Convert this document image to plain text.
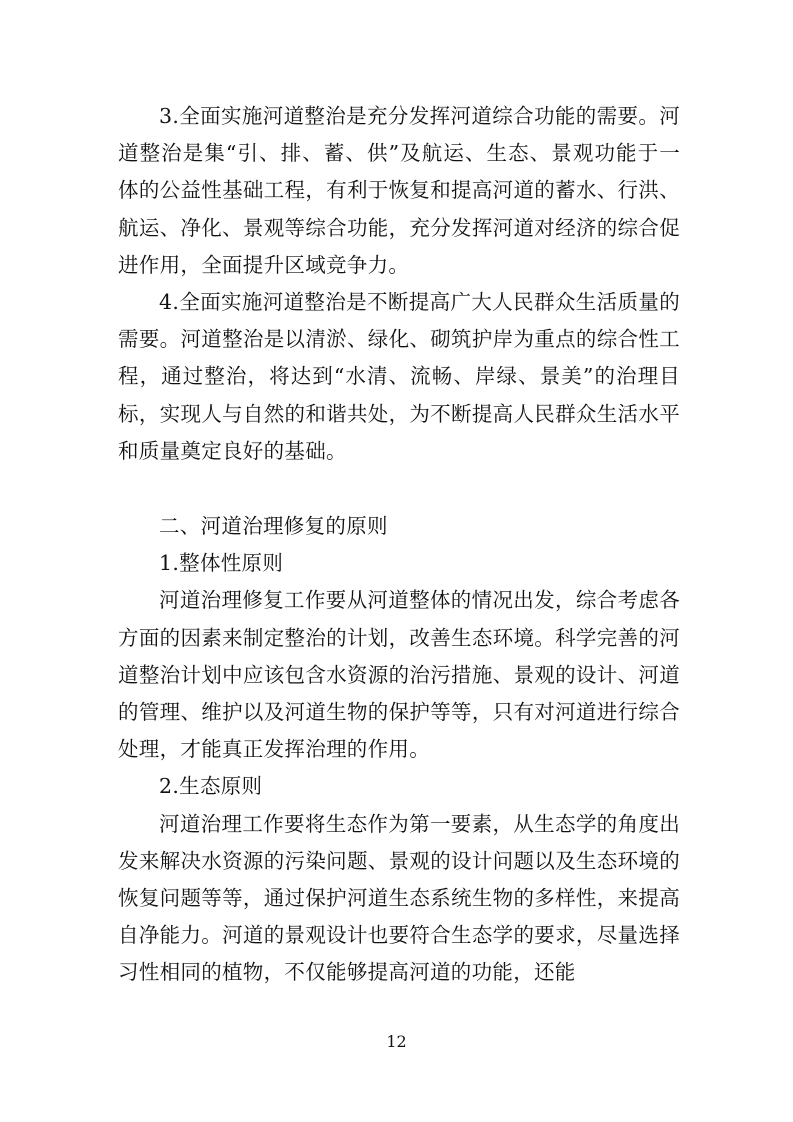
3.全面实施河道整治是充分发挥河道综合功能的需要。河道整治是集“引、排、蓄、供”及航运、生态、景观功能于一体的公益性基础工程，有利于恢复和提高河道的蓄水、行洪、航运、净化、景观等综合功能，充分发挥河道对经济的综合促进作用，全面提升区域竞争力。

4.全面实施河道整治是不断提高广大人民群众生活质量的需要。河道整治是以清淤、绿化、砌筑护岸为重点的综合性工程，通过整治，将达到“水清、流畅、岸绿、景美”的治理目标，实现人与自然的和谐共处，为不断提高人民群众生活水平和质量奠定良好的基础。

二、河道治理修复的原则

1.整体性原则

河道治理修复工作要从河道整体的情况出发，综合考虑各方面的因素来制定整治的计划，改善生态环境。科学完善的河道整治计划中应该包含水资源的治污措施、景观的设计、河道的管理、维护以及河道生物的保护等等，只有对河道进行综合处理，才能真正发挥治理的作用。

2.生态原则

河道治理工作要将生态作为第一要素，从生态学的角度出发来解决水资源的污染问题、景观的设计问题以及生态环境的恢复问题等等，通过保护河道生态系统生物的多样性，来提高自净能力。河道的景观设计也要符合生态学的要求，尽量选择习性相同的植物，不仅能够提高河道的功能，还能

12
